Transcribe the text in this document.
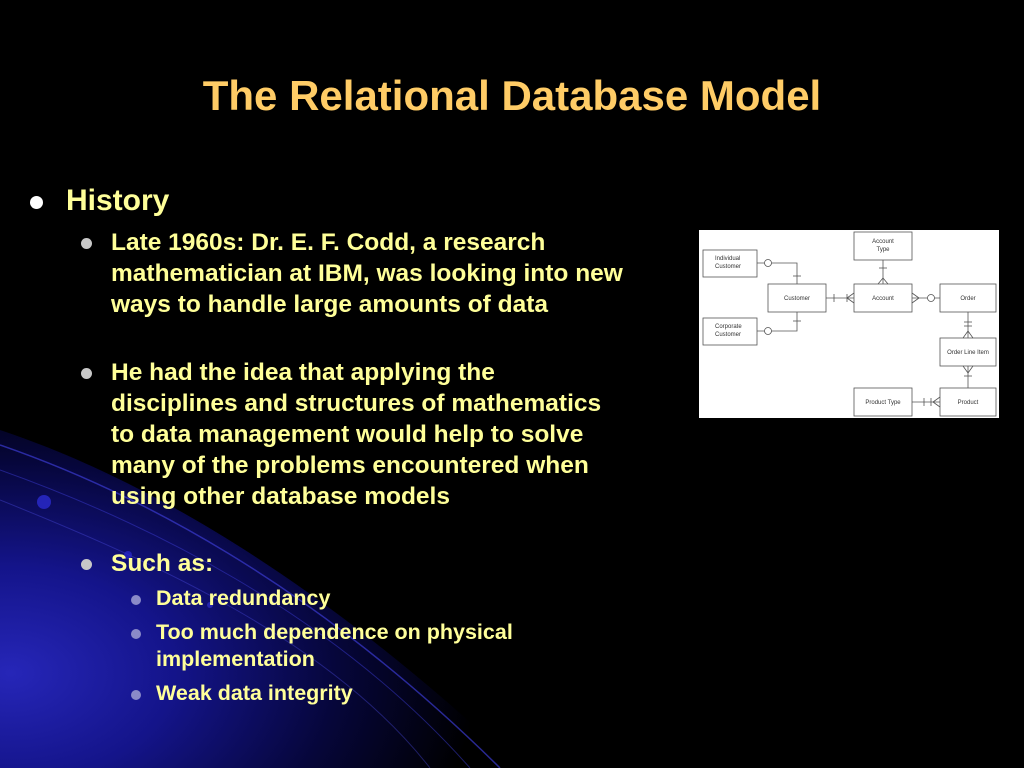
The Relational Database Model
History
Late 1960s: Dr. E. F. Codd, a research mathematician at IBM, was looking into new ways to handle large amounts of data
He had the idea that applying the disciplines and structures of mathematics to data management would help to solve many of the problems encountered when using other database models
Such as:
Data redundancy
Too much dependence on physical implementation
Weak data integrity
Individual
Customer
Corporate
Customer
Customer
Account
Type
Account	Order
Order Line Item
Product Type	Product
